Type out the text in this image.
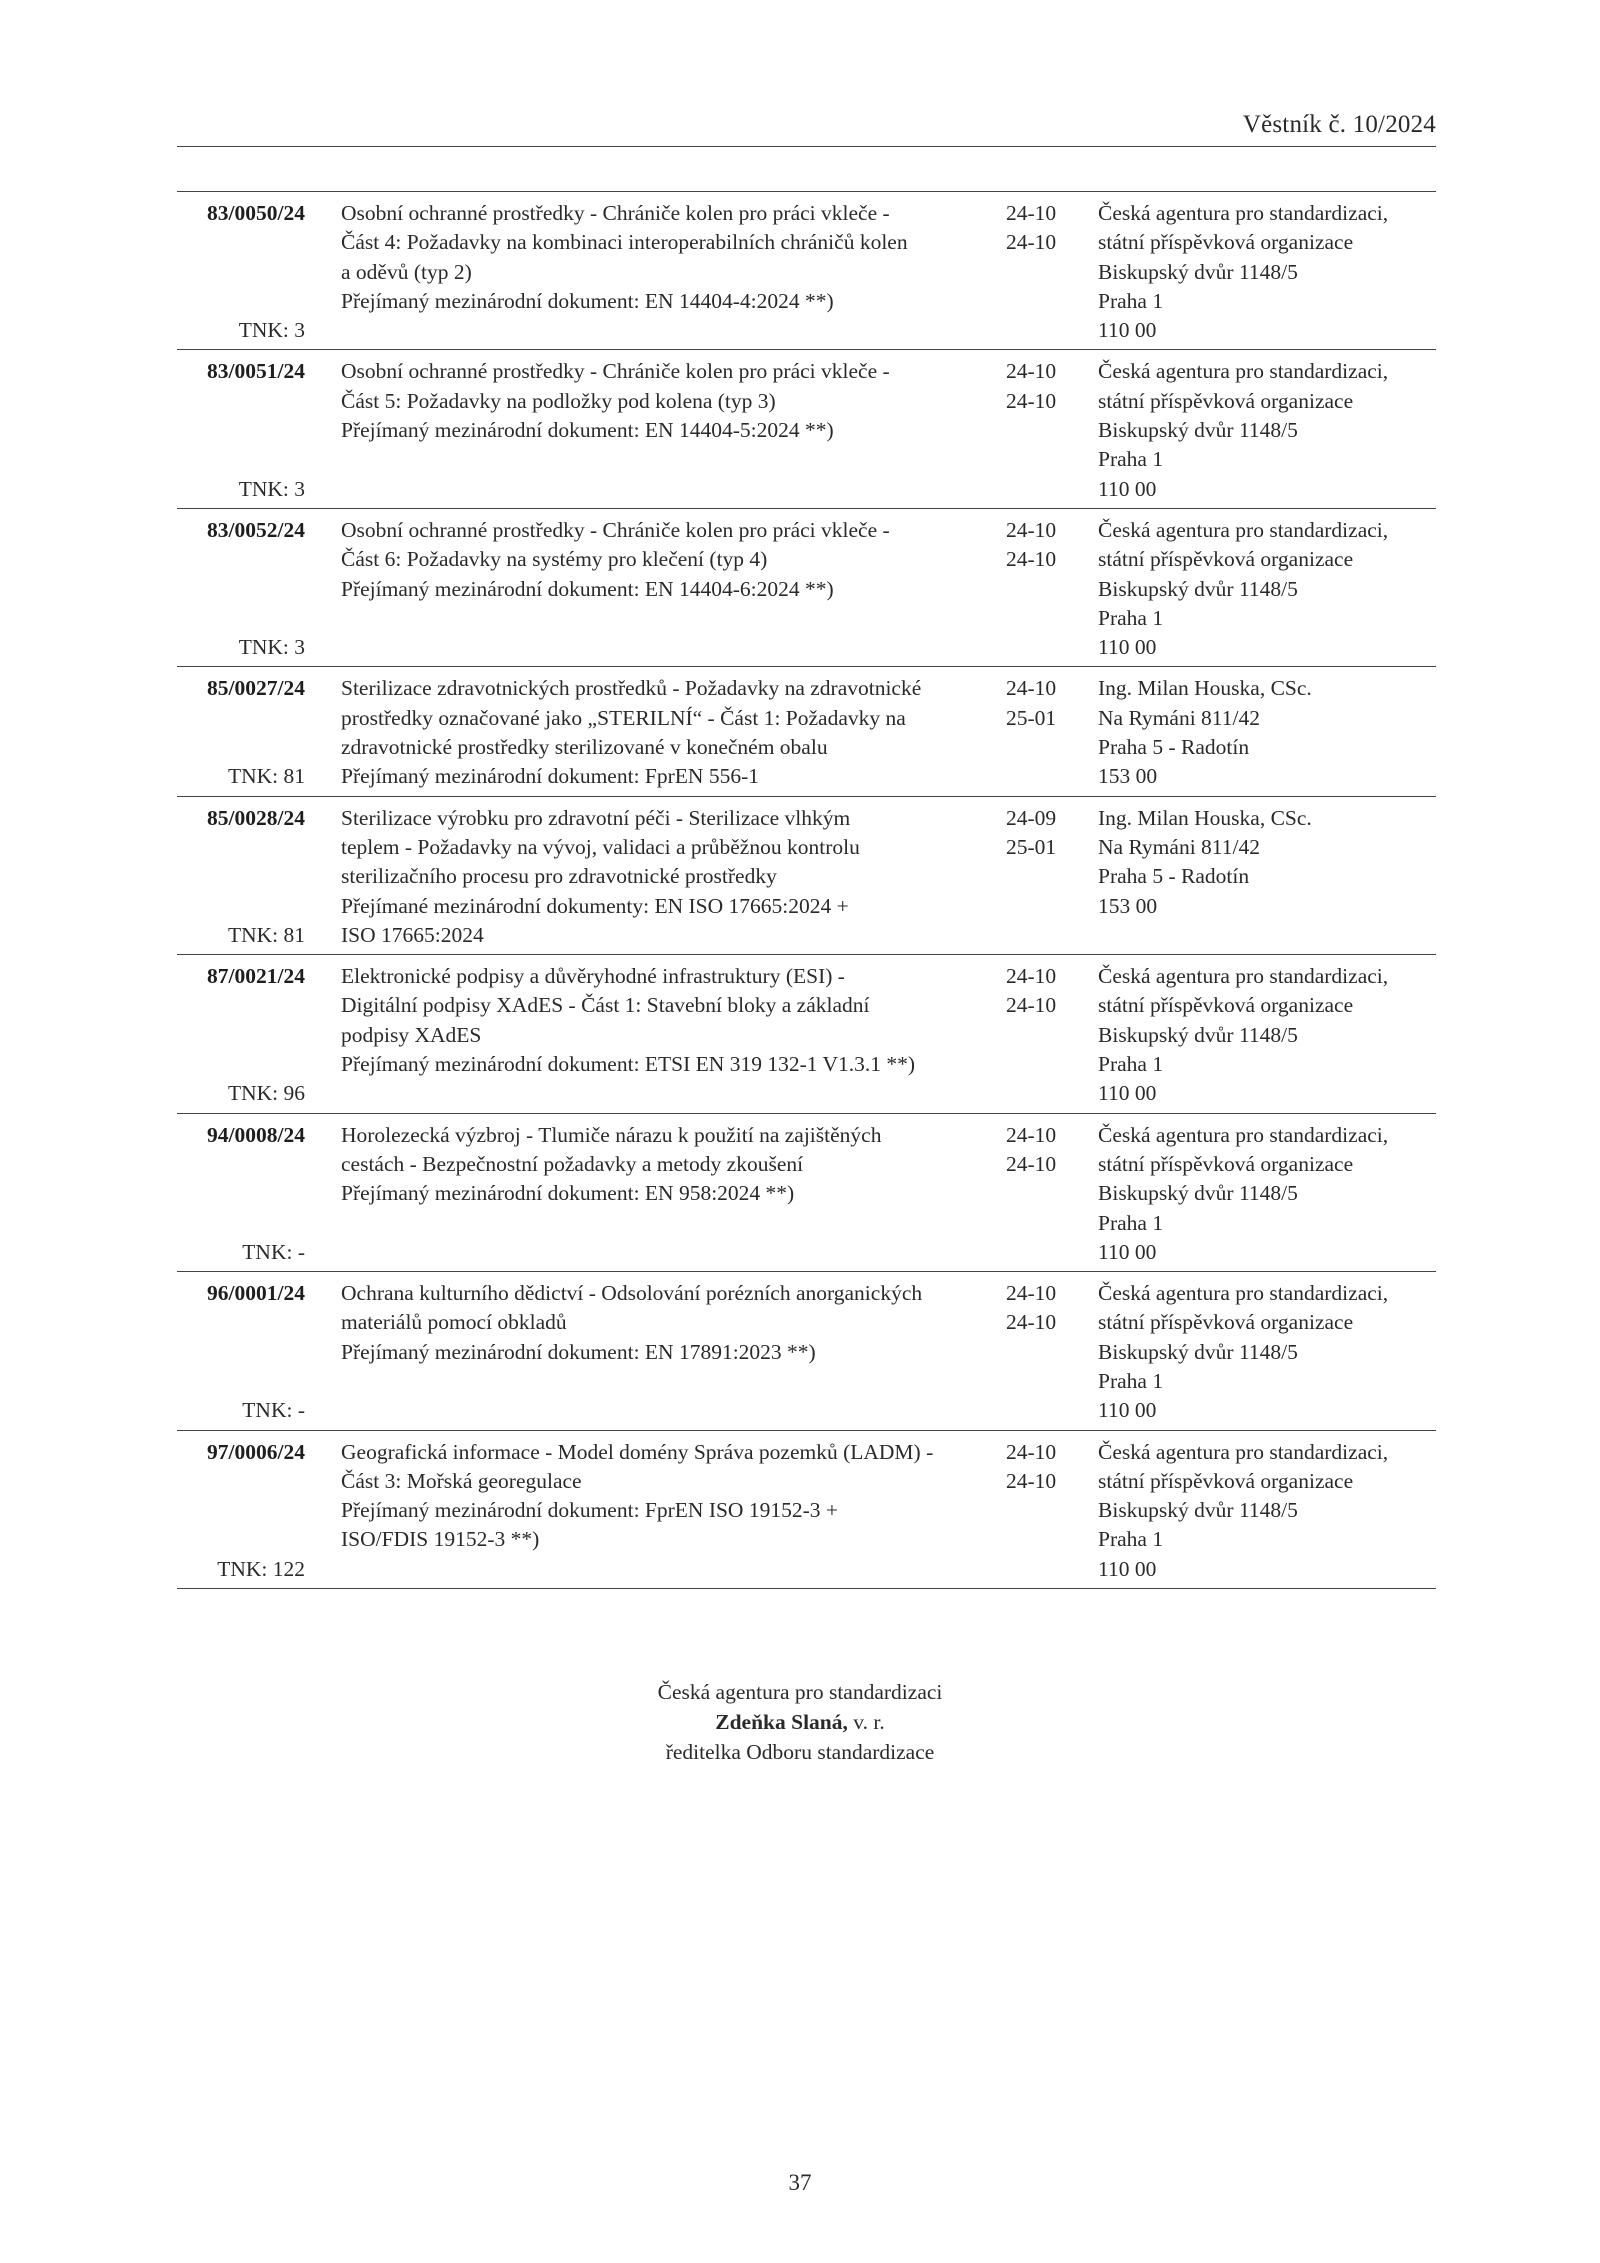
Věstník č. 10/2024
83/0050/24
TNK: 3
Osobní ochranné prostředky - Chrániče kolen pro práci vkleče -
Část 4: Požadavky na kombinaci interoperabilních chráničů kolen
a oděvů (typ 2)
Přejímaný mezinárodní dokument: EN 14404-4:2024 **)
24-10
24-10
Česká agentura pro standardizaci,
státní příspěvková organizace
Biskupský dvůr 1148/5
Praha 1
110 00
83/0051/24
TNK: 3
Osobní ochranné prostředky - Chrániče kolen pro práci vkleče -
Část 5: Požadavky na podložky pod kolena (typ 3)
Přejímaný mezinárodní dokument: EN 14404-5:2024 **)
24-10
24-10
Česká agentura pro standardizaci,
státní příspěvková organizace
Biskupský dvůr 1148/5
Praha 1
110 00
83/0052/24
TNK: 3
Osobní ochranné prostředky - Chrániče kolen pro práci vkleče -
Část 6: Požadavky na systémy pro klečení (typ 4)
Přejímaný mezinárodní dokument: EN 14404-6:2024 **)
24-10
24-10
Česká agentura pro standardizaci,
státní příspěvková organizace
Biskupský dvůr 1148/5
Praha 1
110 00
85/0027/24
TNK: 81
Sterilizace zdravotnických prostředků - Požadavky na zdravotnické
prostředky označované jako „STERILNÍ“ - Část 1: Požadavky na
zdravotnické prostředky sterilizované v konečném obalu
Přejímaný mezinárodní dokument: FprEN 556-1
24-10
25-01
Ing. Milan Houska, CSc.
Na Rymáni 811/42
Praha 5 - Radotín
153 00
85/0028/24
TNK: 81
Sterilizace výrobku pro zdravotní péči - Sterilizace vlhkým
teplem - Požadavky na vývoj, validaci a průběžnou kontrolu
sterilizačního procesu pro zdravotnické prostředky
Přejímané mezinárodní dokumenty: EN ISO 17665:2024 +
ISO 17665:2024
24-09
25-01
Ing. Milan Houska, CSc.
Na Rymáni 811/42
Praha 5 - Radotín
153 00
87/0021/24
TNK: 96
Elektronické podpisy a důvěryhodné infrastruktury (ESI) -
Digitální podpisy XAdES - Část 1: Stavební bloky a základní
podpisy XAdES
Přejímaný mezinárodní dokument: ETSI EN 319 132-1 V1.3.1 **)
24-10
24-10
Česká agentura pro standardizaci,
státní příspěvková organizace
Biskupský dvůr 1148/5
Praha 1
110 00
94/0008/24
TNK: -
Horolezecká výzbroj - Tlumiče nárazu k použití na zajištěných
cestách - Bezpečnostní požadavky a metody zkoušení
Přejímaný mezinárodní dokument: EN 958:2024 **)
24-10
24-10
Česká agentura pro standardizaci,
státní příspěvková organizace
Biskupský dvůr 1148/5
Praha 1
110 00
96/0001/24
TNK: -
Ochrana kulturního dědictví - Odsolování porézních anorganických
materiálů pomocí obkladů
Přejímaný mezinárodní dokument: EN 17891:2023 **)
24-10
24-10
Česká agentura pro standardizaci,
státní příspěvková organizace
Biskupský dvůr 1148/5
Praha 1
110 00
97/0006/24
TNK: 122
Geografická informace - Model domény Správa pozemků (LADM) -
Část 3: Mořská georegulace
Přejímaný mezinárodní dokument: FprEN ISO 19152-3 +
ISO/FDIS 19152-3 **)
24-10
24-10
Česká agentura pro standardizaci,
státní příspěvková organizace
Biskupský dvůr 1148/5
Praha 1
110 00
Česká agentura pro standardizaci
Zdeňka Slaná, v. r.
ředitelka Odboru standardizace
37
